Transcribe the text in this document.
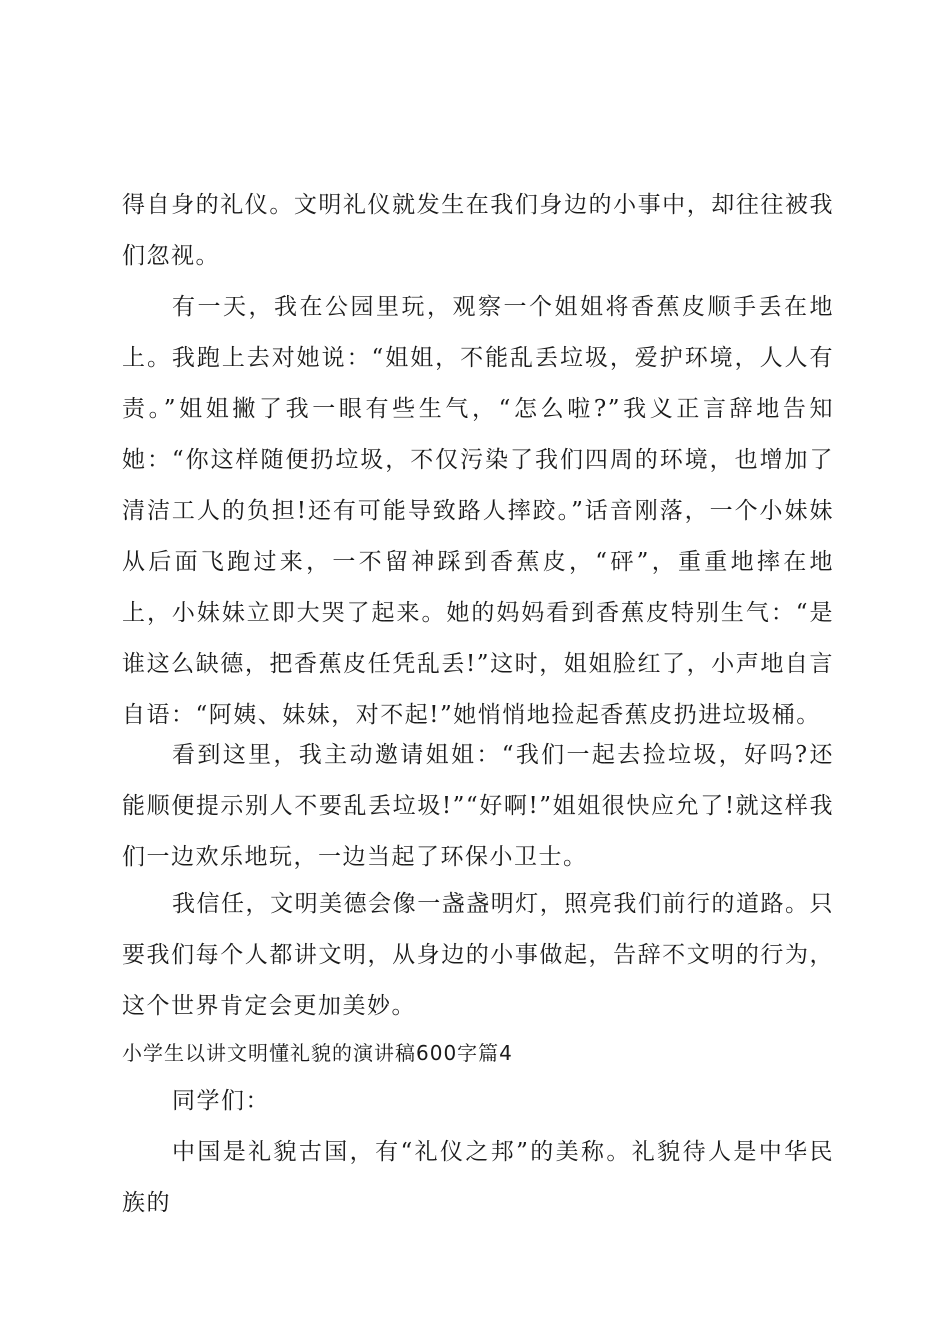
得自身的礼仪。文明礼仪就发生在我们身边的小事中，却往往被我们忽视。

有一天，我在公园里玩，观察一个姐姐将香蕉皮顺手丢在地上。我跑上去对她说：“姐姐，不能乱丢垃圾，爱护环境，人人有责。”姐姐撇了我一眼有些生气，“怎么啦?”我义正言辞地告知她：“你这样随便扔垃圾，不仅污染了我们四周的环境，也增加了清洁工人的负担!还有可能导致路人摔跤。”话音刚落，一个小妹妹从后面飞跑过来，一不留神踩到香蕉皮，“砰”，重重地摔在地上，小妹妹立即大哭了起来。她的妈妈看到香蕉皮特别生气：“是谁这么缺德，把香蕉皮任凭乱丢!”这时，姐姐脸红了，小声地自言自语：“阿姨、妹妹，对不起!”她悄悄地捡起香蕉皮扔进垃圾桶。

看到这里，我主动邀请姐姐：“我们一起去捡垃圾，好吗?还能顺便提示别人不要乱丢垃圾!”“好啊!”姐姐很快应允了!就这样我们一边欢乐地玩，一边当起了环保小卫士。

我信任，文明美德会像一盏盏明灯，照亮我们前行的道路。只要我们每个人都讲文明，从身边的小事做起，告辞不文明的行为，这个世界肯定会更加美妙。

小学生以讲文明懂礼貌的演讲稿600字篇4

同学们：

中国是礼貌古国，有“礼仪之邦”的美称。礼貌待人是中华民族的
